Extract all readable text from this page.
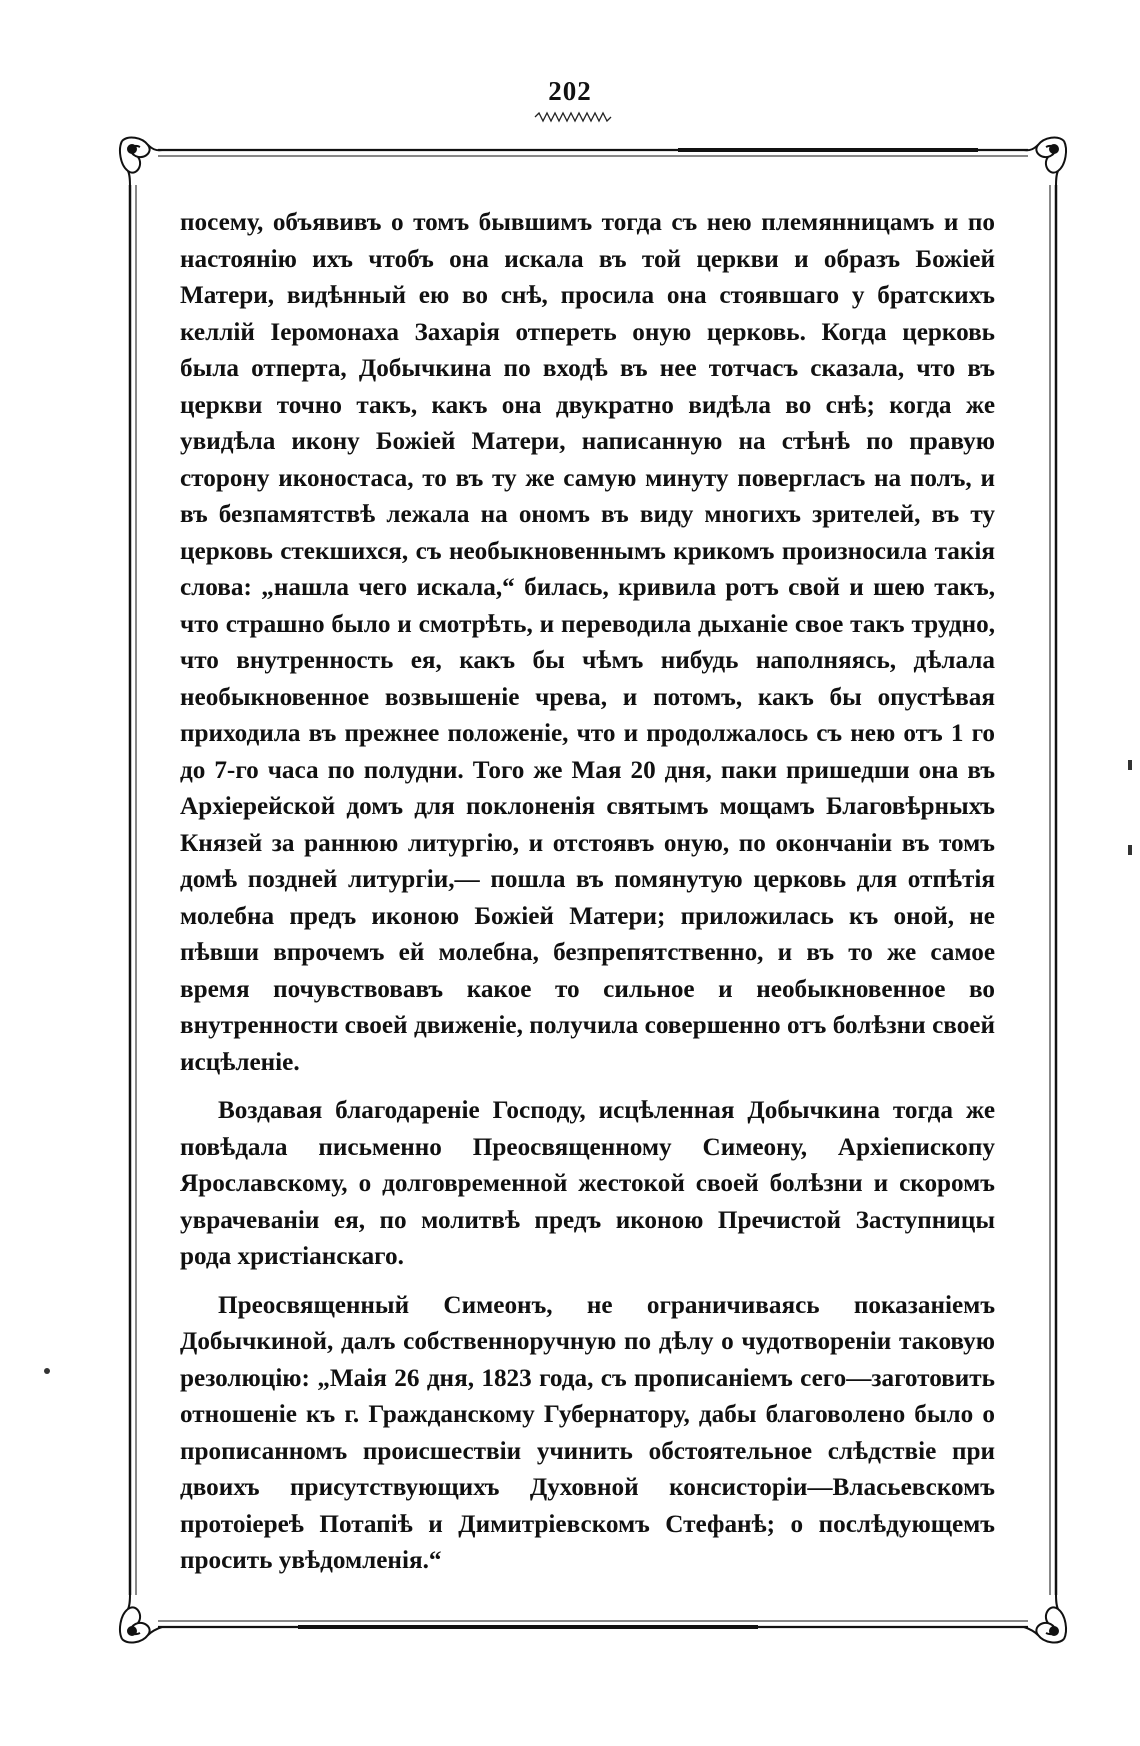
202

посему, объявивъ о томъ бывшимъ тогда съ нею племянницамъ и по настоянію ихъ чтобъ она искала въ той церкви и образъ Божіей Матери, видѣнный ею во снѣ, просила она стоявшаго у братскихъ келлій Іеромонаха Захарія отпереть оную церковь. Когда церковь была отперта, Добычкина по входѣ въ нее тотчасъ сказала, что въ церкви точно такъ, какъ она двукратно видѣла во снѣ; когда же увидѣла икону Божіей Матери, написанную на стѣнѣ по правую сторону иконостаса, то въ ту же самую минуту повергласъ на полъ, и въ безпамятствѣ лежала на ономъ въ виду многихъ зрителей, въ ту церковь стекшихся, съ необыкновеннымъ крикомъ произносила такія слова: „нашла чего искала,“ билась, кривила ротъ свой и шею такъ, что страшно было и смотрѣть, и переводила дыханіе свое такъ трудно, что внутренность ея, какъ бы чѣмъ нибудь наполняясь, дѣлала необыкновенное возвышеніе чрева, и потомъ, какъ бы опустѣвая приходила въ прежнее положеніе, что и продолжалось съ нею отъ 1 го до 7-го часа по полудни. Того же Мая 20 дня, паки пришедши она въ Архіерейской домъ для поклоненія святымъ мощамъ Благовѣрныхъ Князей за раннюю литургію, и отстоявъ оную, по окончаніи въ томъ домѣ поздней литургіи,— пошла въ помянутую церковь для отпѣтія молебна предъ иконою Божіей Матери; приложилась къ оной, не пѣвши впрочемъ ей молебна, безпрепятственно, и въ то же самое время почувствовавъ какое то сильное и необыкновенное во внутренности своей движеніе, получила совершенно отъ болѣзни своей исцѣленіе.

Воздавая благодареніе Господу, исцѣленная Добычкина тогда же повѣдала письменно Преосвященному Симеону, Архіепископу Ярославскому, о долговременной жестокой своей болѣзни и скоромъ уврачеваніи ея, по молитвѣ предъ иконою Пречистой Заступницы рода христіанскаго.

Преосвященный Симеонъ, не ограничиваясь показаніемъ Добычкиной, далъ собственноручную по дѣлу о чудотвореніи таковую резолюцію: „Маія 26 дня, 1823 года, съ прописаніемъ сего—заготовить отношеніе къ г. Гражданскому Губернатору, дабы благоволено было о прописанномъ происшествіи учинить обстоятельное слѣдствіе при двоихъ присутствующихъ Духовной консисторіи—Власьевскомъ протоіереѣ Потапіѣ и Димитріевскомъ Стефанѣ; о послѣдующемъ просить увѣдомленія.“
